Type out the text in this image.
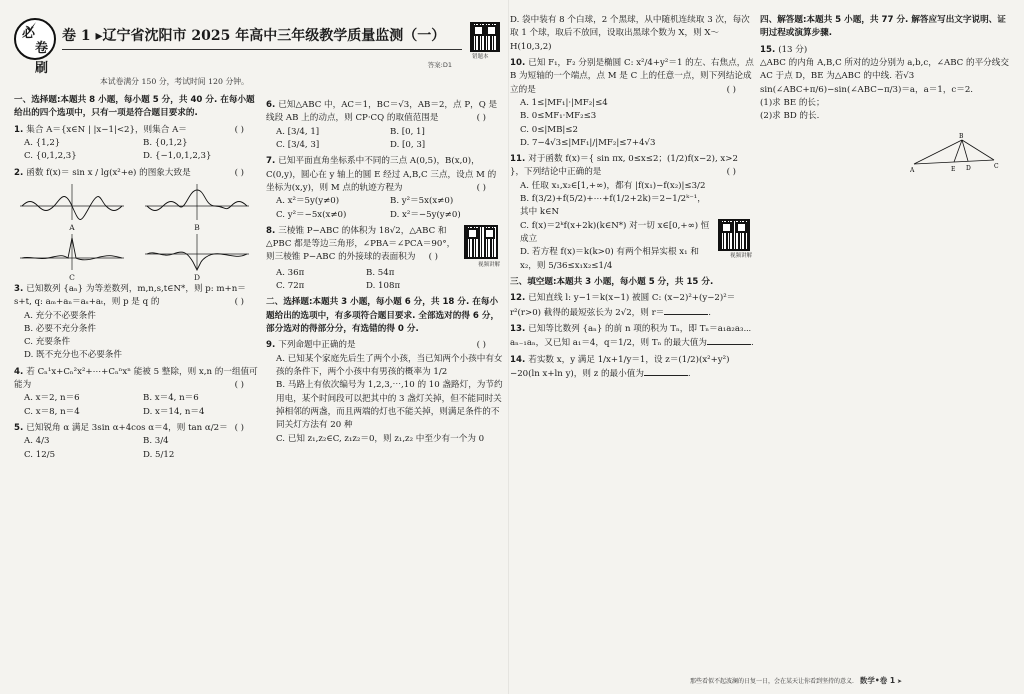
必
卷刷
卷 1 ▸辽宁省沈阳市 2025 年高中三年级教学质量监测（一）
答案:D1
错题本
本试卷满分 150 分，考试时间 120 分钟。
一、选择题:本题共 8 小题，每小题 5 分，共 40 分. 在每小题给出的四个选项中，只有一项是符合题目要求的.
1. 集合 A＝{x∈N | |x−1|<2}，则集合 A＝	( )
A. {1,2}	B. {0,1,2}
C. {0,1,2,3}	D. {−1,0,1,2,3}
2. 函数 f(x)＝ sin x / lg(x²+e) 的图象大致是	( )
A	B
C	D
3. 已知数列 {aₙ} 为等差数列，m,n,s,t∈N*，则 p: m+n＝s+t, q: aₘ+aₙ＝aₛ+aₜ，则 p 是 q 的	( )
A. 充分不必要条件
B. 必要不充分条件
C. 充要条件
D. 既不充分也不必要条件
4. 若 Cₙ¹x+Cₙ²x²+⋯+Cₙⁿxⁿ 能被 5 整除，则 x,n 的一组值可能为	( )
A. x＝2, n＝6	B. x＝4, n＝6
C. x＝8, n＝4	D. x＝14, n＝4
5. 已知锐角 α 满足 3sin α+4cos α＝4，则 tan α/2＝ ( )
A. 4/3	B. 3/4
C. 12/5	D. 5/12
6. 已知△ABC 中，AC＝1，BC＝√3，AB＝2，点 P，Q 是线段 AB 上的动点，则 CP·CQ 的取值范围是	( )
A. [3/4, 1]	B. [0, 1]
C. [3/4, 3]	D. [0, 3]
7. 已知平面直角坐标系中不同的三点 A(0,5)，B(x,0)，C(0,y)，圆心在 y 轴上的圆 E 经过 A,B,C 三点，设点 M 的坐标为(x,y)，则 M 点的轨迹方程为	( )
A. x²＝5y(y≠0)	B. y²＝5x(x≠0)
C. y²＝−5x(x≠0)	D. x²＝−5y(y≠0)
8. 三棱锥 P−ABC 的体积为 18√2，△ABC 和△PBC 都是等边三角形，∠PBA＝∠PCA＝90°，则三棱锥 P−ABC 的外接球的表面积为 ( )
视频讲解
A. 36π	B. 54π
C. 72π	D. 108π
二、选择题:本题共 3 小题，每小题 6 分，共 18 分. 在每小题给出的选项中，有多项符合题目要求. 全部选对的得 6 分，部分选对的得部分分，有选错的得 0 分.
9. 下列命题中正确的是	( )
A. 已知某个家庭先后生了两个小孩，当已知两个小孩中有女孩的条件下，两个小孩中有男孩的概率为 1/2
B. 马路上有依次编号为 1,2,3,⋯,10 的 10 盏路灯，为节约用电，某个时间段可以把其中的 3 盏灯关掉，但不能同时关掉相邻的两盏，而且两端的灯也不能关掉，则满足条件的不同关灯方法有 20 种
C. 已知 z₁,z₂∈C, z₁z₂＝0，则 z₁,z₂ 中至少有一个为 0
D. 袋中装有 8 个白球，2 个黑球，从中随机连续取 3 次，每次取 1 个球，取后不放回，设取出黑球个数为 X，则 X～H(10,3,2)
10. 已知 F₁，F₂ 分别是椭圆 C: x²/4+y²＝1 的左、右焦点，点 B 为短轴的一个端点，点 M 是 C 上的任意一点，则下列结论成立的是	( )
A. 1≤|MF₁|·|MF₂|≤4
B. 0≤MF₁·MF₂≤3
C. 0≤|MB|≤2
D. 7−4√3≤|MF₁|/|MF₂|≤7+4√3
11. 对于函数 f(x)＝{ sin πx, 0≤x≤2；(1/2)f(x−2), x>2 }，下列结论中正确的是	( )
A. 任取 x₁,x₂∈[1,+∞)，都有 |f(x₁)−f(x₂)|≤3/2
B. f(3/2)+f(5/2)+⋯+f(1/2+2k)＝2−1/2ᵏ⁻¹，其中 k∈N
C. f(x)＝2ᵏf(x+2k)(k∈N*) 对一切 x∈[0,+∞) 恒成立
D. 若方程 f(x)＝k(k>0) 有两个相异实根 x₁ 和 x₂，则 5/36≤x₁x₂≤1/4
视频讲解
三、填空题:本题共 3 小题，每小题 5 分，共 15 分.
12. 已知直线 l: y−1＝k(x−1) 被圆 C: (x−2)²+(y−2)²＝r²(r>0) 截得的最短弦长为 2√2，则 r＝	.
13. 已知等比数列 {aₙ} 的前 n 项的积为 Tₙ，即 Tₙ＝a₁a₂a₃⋯aₙ₋₁aₙ，又已知 a₁＝4，q＝1/2，则 Tₙ 的最大值为	.
14. 若实数 x，y 满足 1/x+1/y＝1，设 z＝(1/2)(x²+y²)−20(ln x+ln y)，则 z 的最小值为	.
四、解答题:本题共 5 小题，共 77 分. 解答应写出文字说明、证明过程或演算步骤.
15. (13 分)
△ABC 的内角 A,B,C 所对的边分别为 a,b,c，∠ABC 的平分线交 AC 于点 D，BE 为△ABC 的中线. 若√3 sin(∠ABC+π/6)−sin(∠ABC−π/3)＝a，a＝1，c＝2.
(1)求 BE 的长；
(2)求 BD 的长.
B
A	E D	C
那些看似不起波澜的日复一日，会在某天让你看到坚持的意义. 数学•卷 1 ➤
